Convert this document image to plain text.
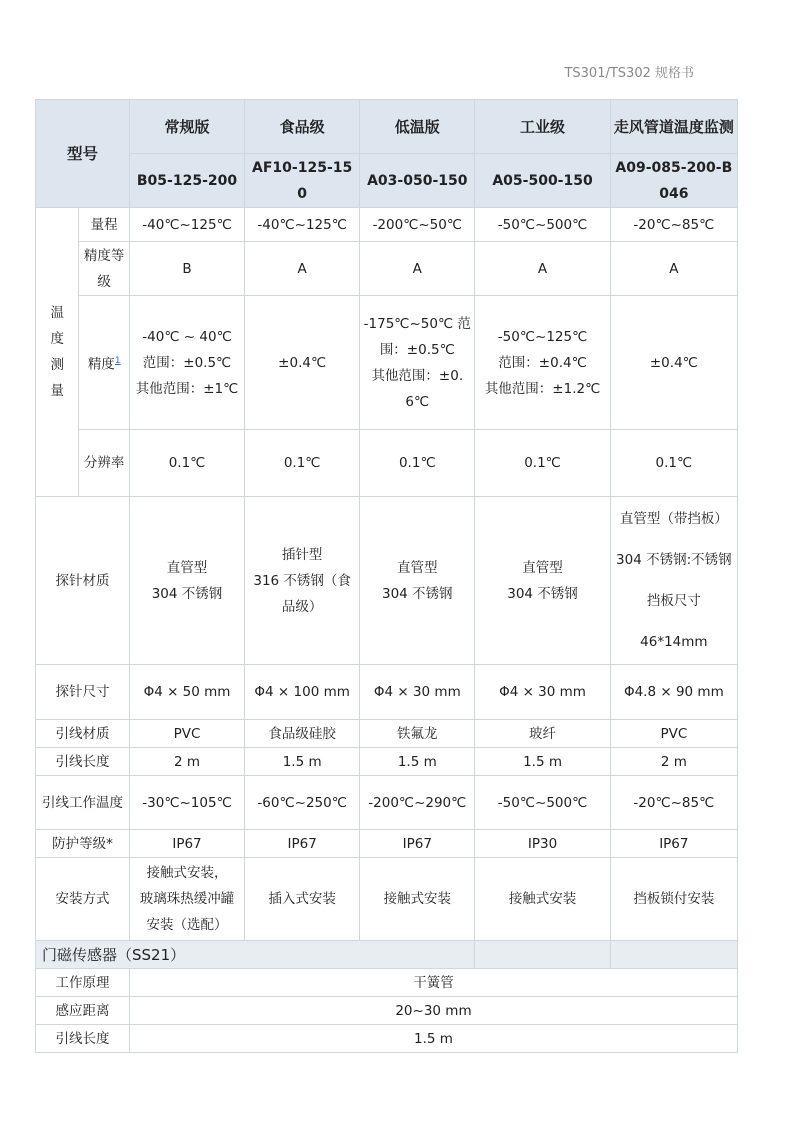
TS301/TS302 规格书
型号		常规版	食品级	低温版	工业级	走风管道温度监测
		B05-125-200	AF10-125-150	A03-050-150	A05-500-150	A09-085-200-B046

温
度
测
量	量程	-40℃~125℃	-40℃~125℃	-200℃~50℃	-50℃~500℃	-20℃~85℃
	精度等级	B	A	A	A	A
	精度$^1$	-40℃ ~ 40℃
范围：±0.5℃
其他范围：±1℃	±0.4℃	-175℃~50℃ 范围：±0.5℃
其他范围：±0.6℃	-50℃~125℃
范围：±0.4℃
其他范围：±1.2℃	±0.4℃

	分辨率	0.1℃	0.1℃	0.1℃	0.1℃	0.1℃
探针材质		直管型
304 不锈钢	插针型
316 不锈钢（食品级）	直管型
304 不锈钢	直管型
304 不锈钢	直管型（带挡板）
304 不锈钢:不锈钢挡板尺寸
46*14mm

探针尺寸		Φ4 × 50 mm	Φ4 × 100 mm	Φ4 × 30 mm	Φ4 × 30 mm	Φ4.8 × 90 mm
引线材质		PVC	食品级硅胶	铁氟龙	玻纤	PVC
引线长度		2 m	1.5 m	1.5 m	1.5 m	2 m
引线工作温度		-30℃~105℃	-60℃~250℃	-200℃~290℃	-50℃~500℃	-20℃~85℃
防护等级*		IP67	IP67	IP67	IP30	IP67
安装方式		接触式安装，
玻璃珠热缓冲罐
安装（选配）	插入式安装	接触式安装	接触式安装	挡板锁付安装
门磁传感器（SS21）						
工作原理		干簧管				
感应距离		20~30 mm				
引线长度		1.5 m				
